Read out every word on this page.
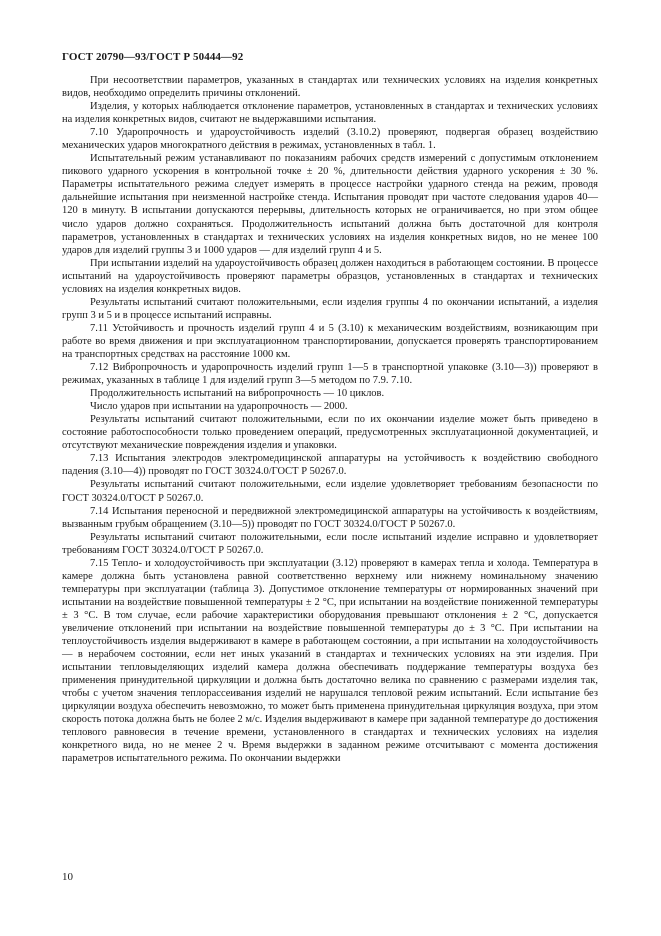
ГОСТ 20790—93/ГОСТ Р 50444—92

При несоответствии параметров, указанных в стандартах или технических условиях на изделия конкретных видов, необходимо определить причины отклонений.

Изделия, у которых наблюдается отклонение параметров, установленных в стандартах и технических условиях на изделия конкретных видов, считают не выдержавшими испытания.

7.10 Ударопрочность и удароустойчивость изделий (3.10.2) проверяют, подвергая образец воздействию механических ударов многократного действия в режимах, установленных в табл. 1.

Испытательный режим устанавливают по показаниям рабочих средств измерений с допустимым отклонением пикового ударного ускорения в контрольной точке ± 20 %, длительности действия ударного ускорения ± 30 %. Параметры испытательного режима следует измерять в процессе настройки ударного стенда на режим, проводя дальнейшие испытания при неизменной настройке стенда. Испытания проводят при частоте следования ударов 40—120 в минуту. В испытании допускаются перерывы, длительность которых не ограничивается, но при этом общее число ударов должно сохраняться. Продолжительность испытаний должна быть достаточной для контроля параметров, установленных в стандартах и технических условиях на изделия конкретных видов, но не менее 100 ударов для изделий группы 3 и 1000 ударов — для изделий групп 4 и 5.

При испытании изделий на удароустойчивость образец должен находиться в работающем состоянии. В процессе испытаний на удароустойчивость проверяют параметры образцов, установленных в стандартах и технических условиях на изделия конкретных видов.

Результаты испытаний считают положительными, если изделия группы 4 по окончании испытаний, а изделия групп 3 и 5 и в процессе испытаний исправны.

7.11 Устойчивость и прочность изделий групп 4 и 5 (3.10) к механическим воздействиям, возникающим при работе во время движения и при эксплуатационном транспортировании, допускается проверять транспортированием на транспортных средствах на расстояние 1000 км.

7.12 Вибропрочность и ударопрочность изделий групп 1—5 в транспортной упаковке (3.10—3)) проверяют в режимах, указанных в таблице 1 для изделий групп 3—5 методом по 7.9. 7.10.

Продолжительность испытаний на вибропрочность — 10 циклов.

Число ударов при испытании на ударопрочность — 2000.

Результаты испытаний считают положительными, если по их окончании изделие может быть приведено в состояние работоспособности только проведением операций, предусмотренных эксплуатационной документацией, и отсутствуют механические повреждения изделия и упаковки.

7.13 Испытания электродов электромедицинской аппаратуры на устойчивость к воздействию свободного падения (3.10—4)) проводят по ГОСТ 30324.0/ГОСТ Р 50267.0.

Результаты испытаний считают положительными, если изделие удовлетворяет требованиям безопасности по ГОСТ 30324.0/ГОСТ Р 50267.0.

7.14 Испытания переносной и передвижной электромедицинской аппаратуры на устойчивость к воздействиям, вызванным грубым обращением (3.10—5)) проводят по ГОСТ 30324.0/ГОСТ Р 50267.0.

Результаты испытаний считают положительными, если после испытаний изделие исправно и удовлетворяет требованиям ГОСТ 30324.0/ГОСТ Р 50267.0.

7.15 Тепло- и холодоустойчивость при эксплуатации (3.12) проверяют в камерах тепла и холода. Температура в камере должна быть установлена равной соответственно верхнему или нижнему номинальному значению температуры при эксплуатации (таблица 3). Допустимое отклонение температуры от нормированных значений при испытании на воздействие повышенной температуры ± 2 °C, при испытании на воздействие пониженной температуры ± 3 °C. В том случае, если рабочие характеристики оборудования превышают отклонения ± 2 °C, допускается увеличение отклонений при испытании на воздействие повышенной температуры до ± 3 °C. При испытании на теплоустойчивость изделия выдерживают в камере в работающем состоянии, а при испытании на холодоустойчивость — в нерабочем состоянии, если нет иных указаний в стандартах и технических условиях на эти изделия. При испытании тепловыделяющих изделий камера должна обеспечивать поддержание температуры воздуха без применения принудительной циркуляции и должна быть достаточно велика по сравнению с размерами изделия так, чтобы с учетом значения теплорассеивания изделий не нарушался тепловой режим испытаний. Если испытание без циркуляции воздуха обеспечить невозможно, то может быть применена принудительная циркуляция воздуха, при этом скорость потока должна быть не более 2 м/с. Изделия выдерживают в камере при заданной температуре до достижения теплового равновесия в течение времени, установленного в стандартах и технических условиях на изделия конкретного вида, но не менее 2 ч. Время выдержки в заданном режиме отсчитывают с момента достижения параметров испытательного режима. По окончании выдержки

10
